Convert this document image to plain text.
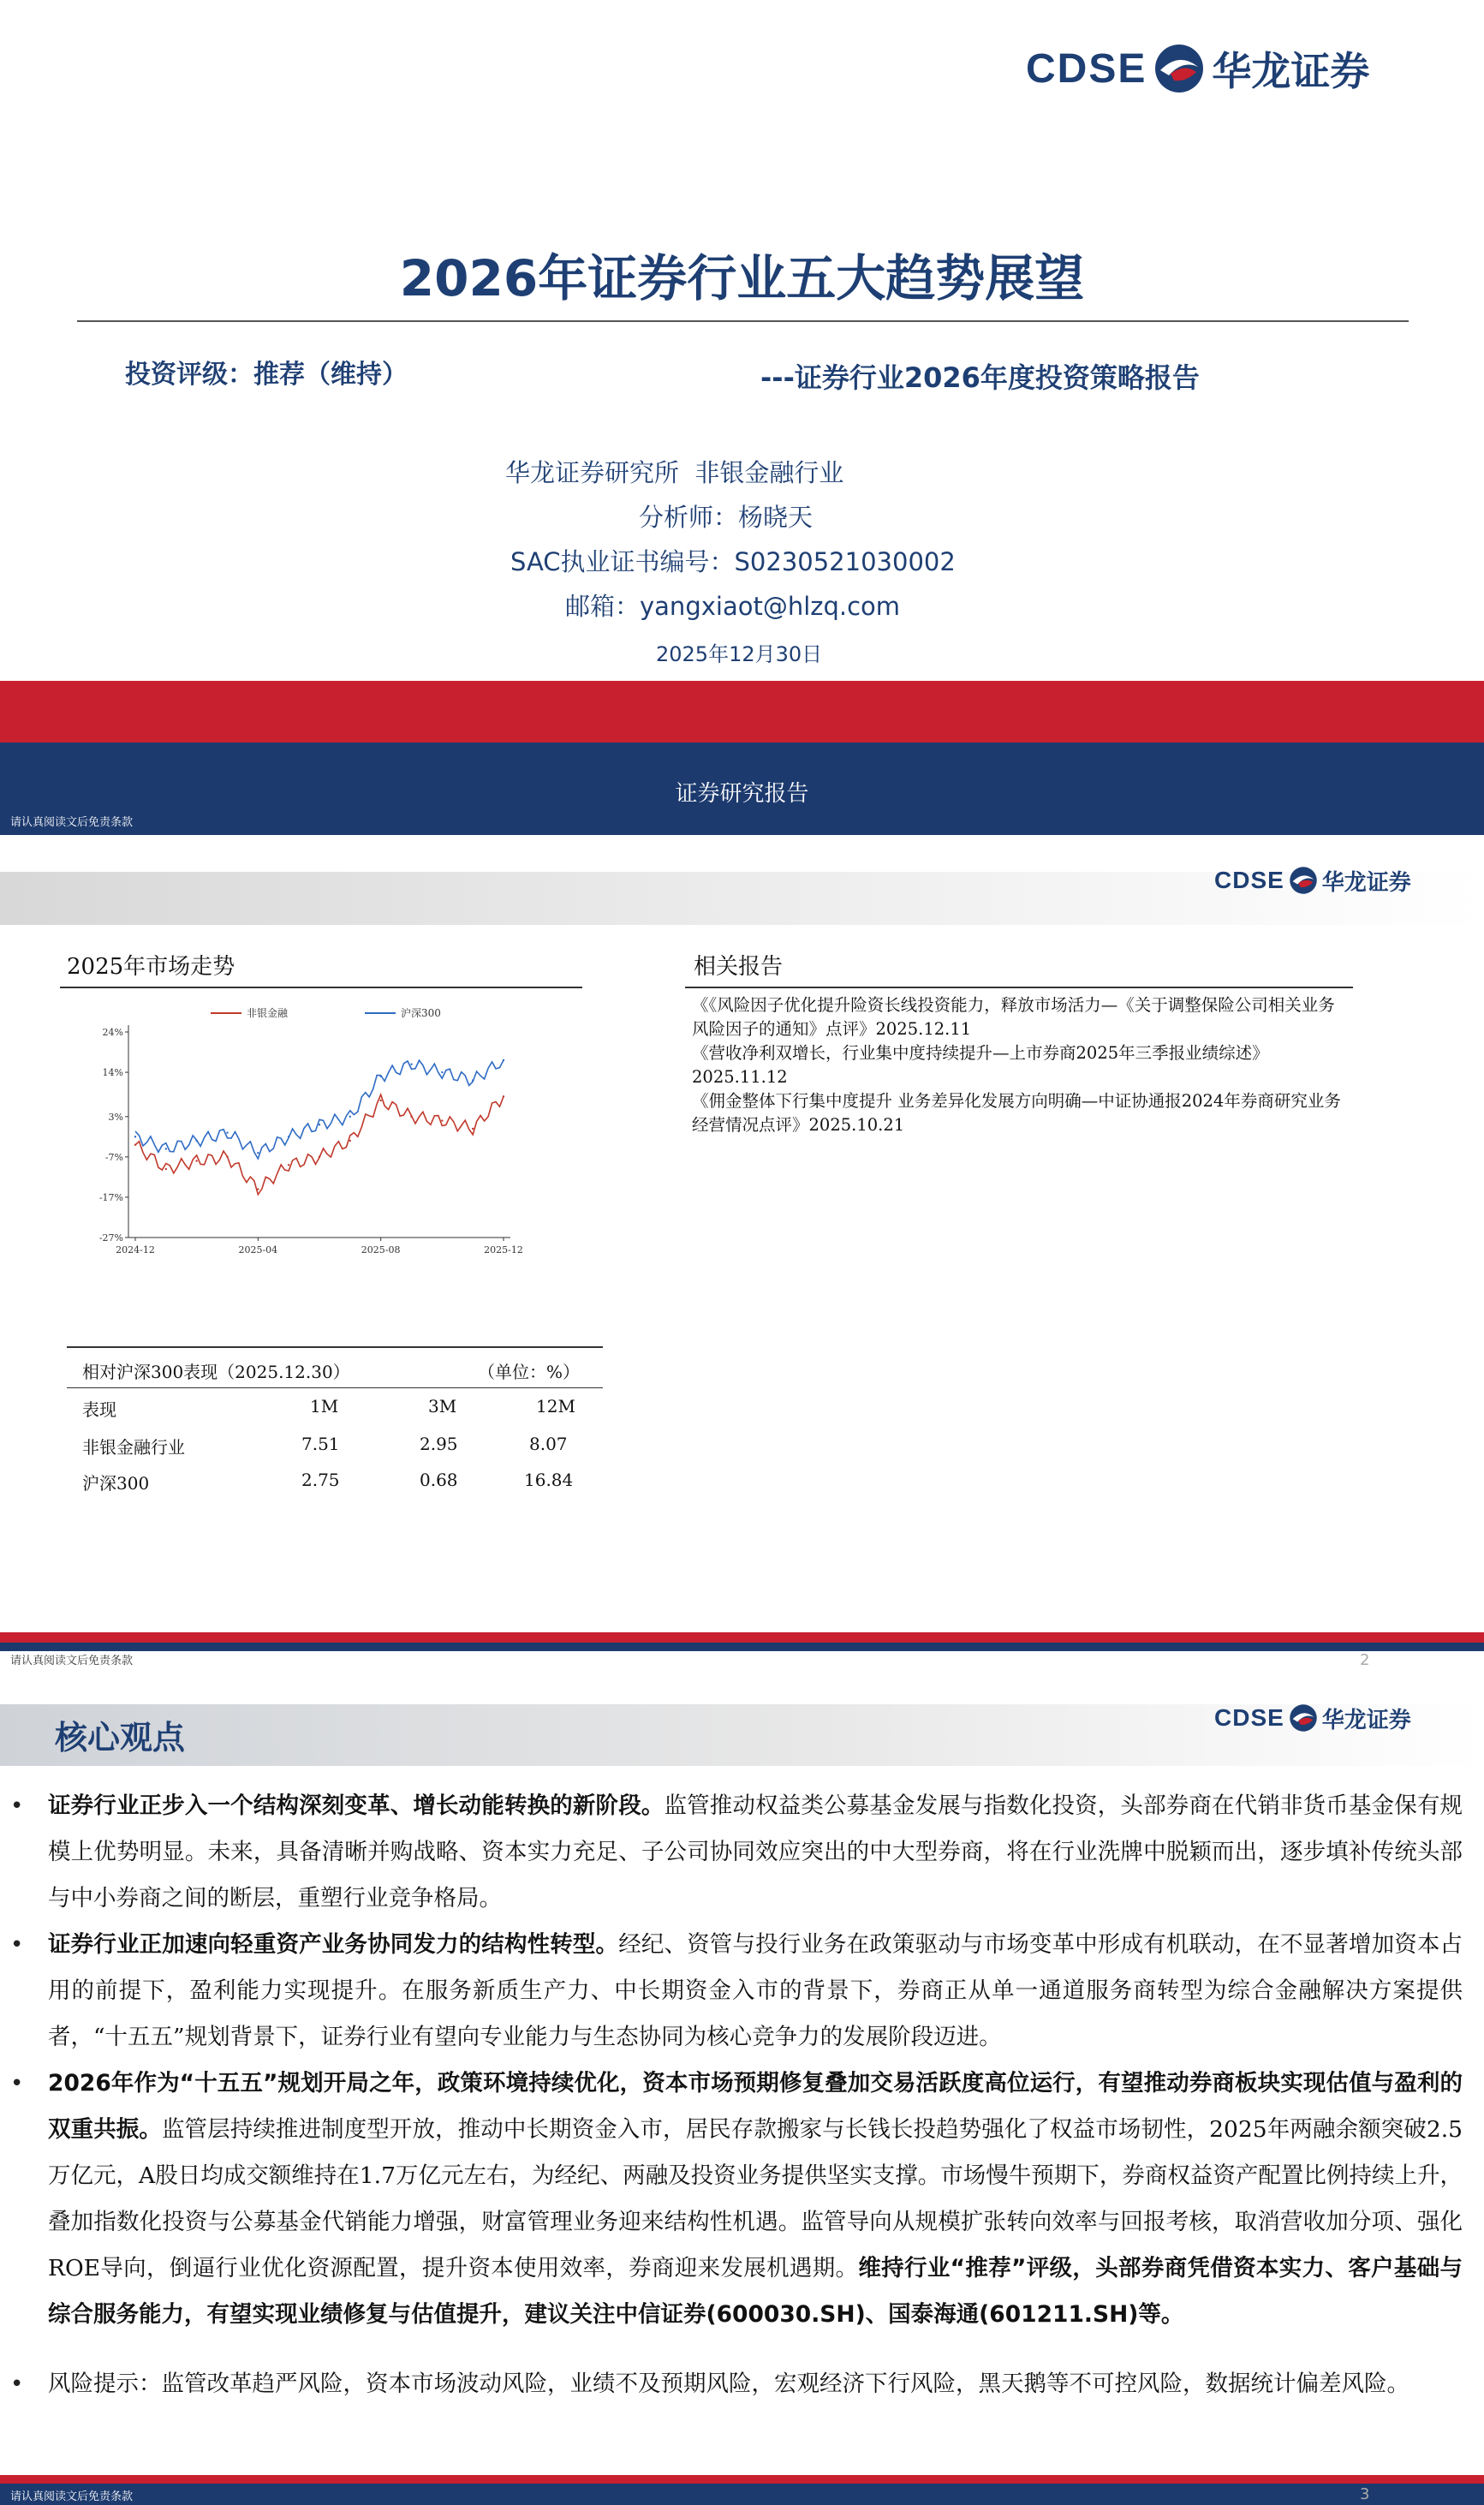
CDSE 华龙证券
2026年证券行业五大趋势展望
投资评级：推荐（维持）	---证券行业2026年度投资策略报告
华龙证券研究所  非银金融行业
分析师：杨晓天
SAC执业证书编号：S0230521030002
邮箱：yangxiaot@hlzq.com
2025年12月30日
证券研究报告
请认真阅读文后免责条款
CDSE 华龙证券
2025年市场走势
24%
14%
3%
-7%
-17%
-27%
2024-12	2025-04	2025-08	2025-12
非银金融	沪深300
相关报告
《《风险因子优化提升险资长线投资能力，释放市场活力—《关于调整保险公司相关业务风险因子的通知》点评》2025.12.11
《营收净利双增长，行业集中度持续提升—上市券商2025年三季报业绩综述》2025.11.12
《佣金整体下行集中度提升 业务差异化发展方向明确—中证协通报2024年券商研究业务经营情况点评》2025.10.21
相对沪深300表现（2025.12.30）	（单位：%）
表现	1M	3M	12M
非银金融行业	7.51	2.95	8.07
沪深300	2.75	0.68	16.84
请认真阅读文后免责条款	2
核心观点
CDSE 华龙证券
•	证券行业正步入一个结构深刻变革、增长动能转换的新阶段。监管推动权益类公募基金发展与指数化投资，头部券商在代销非货币基金保有规模上优势明显。未来，具备清晰并购战略、资本实力充足、子公司协同效应突出的中大型券商，将在行业洗牌中脱颖而出，逐步填补传统头部与中小券商之间的断层，重塑行业竞争格局。
•	证券行业正加速向轻重资产业务协同发力的结构性转型。经纪、资管与投行业务在政策驱动与市场变革中形成有机联动，在不显著增加资本占用的前提下，盈利能力实现提升。在服务新质生产力、中长期资金入市的背景下，券商正从单一通道服务商转型为综合金融解决方案提供者，“十五五”规划背景下，证券行业有望向专业能力与生态协同为核心竞争力的发展阶段迈进。
•	2026年作为“十五五”规划开局之年，政策环境持续优化，资本市场预期修复叠加交易活跃度高位运行，有望推动券商板块实现估值与盈利的双重共振。监管层持续推进制度型开放，推动中长期资金入市，居民存款搬家与长钱长投趋势强化了权益市场韧性，2025年两融余额突破2.5万亿元，A股日均成交额维持在1.7万亿元左右，为经纪、两融及投资业务提供坚实支撑。市场慢牛预期下，券商权益资产配置比例持续上升，叠加指数化投资与公募基金代销能力增强，财富管理业务迎来结构性机遇。监管导向从规模扩张转向效率与回报考核，取消营收加分项、强化ROE导向，倒逼行业优化资源配置，提升资本使用效率，券商迎来发展机遇期。维持行业“推荐”评级，头部券商凭借资本实力、客户基础与综合服务能力，有望实现业绩修复与估值提升，建议关注中信证券(600030.SH)、国泰海通(601211.SH)等。
•	风险提示：监管改革趋严风险，资本市场波动风险，业绩不及预期风险，宏观经济下行风险，黑天鹅等不可控风险，数据统计偏差风险。
请认真阅读文后免责条款	3
